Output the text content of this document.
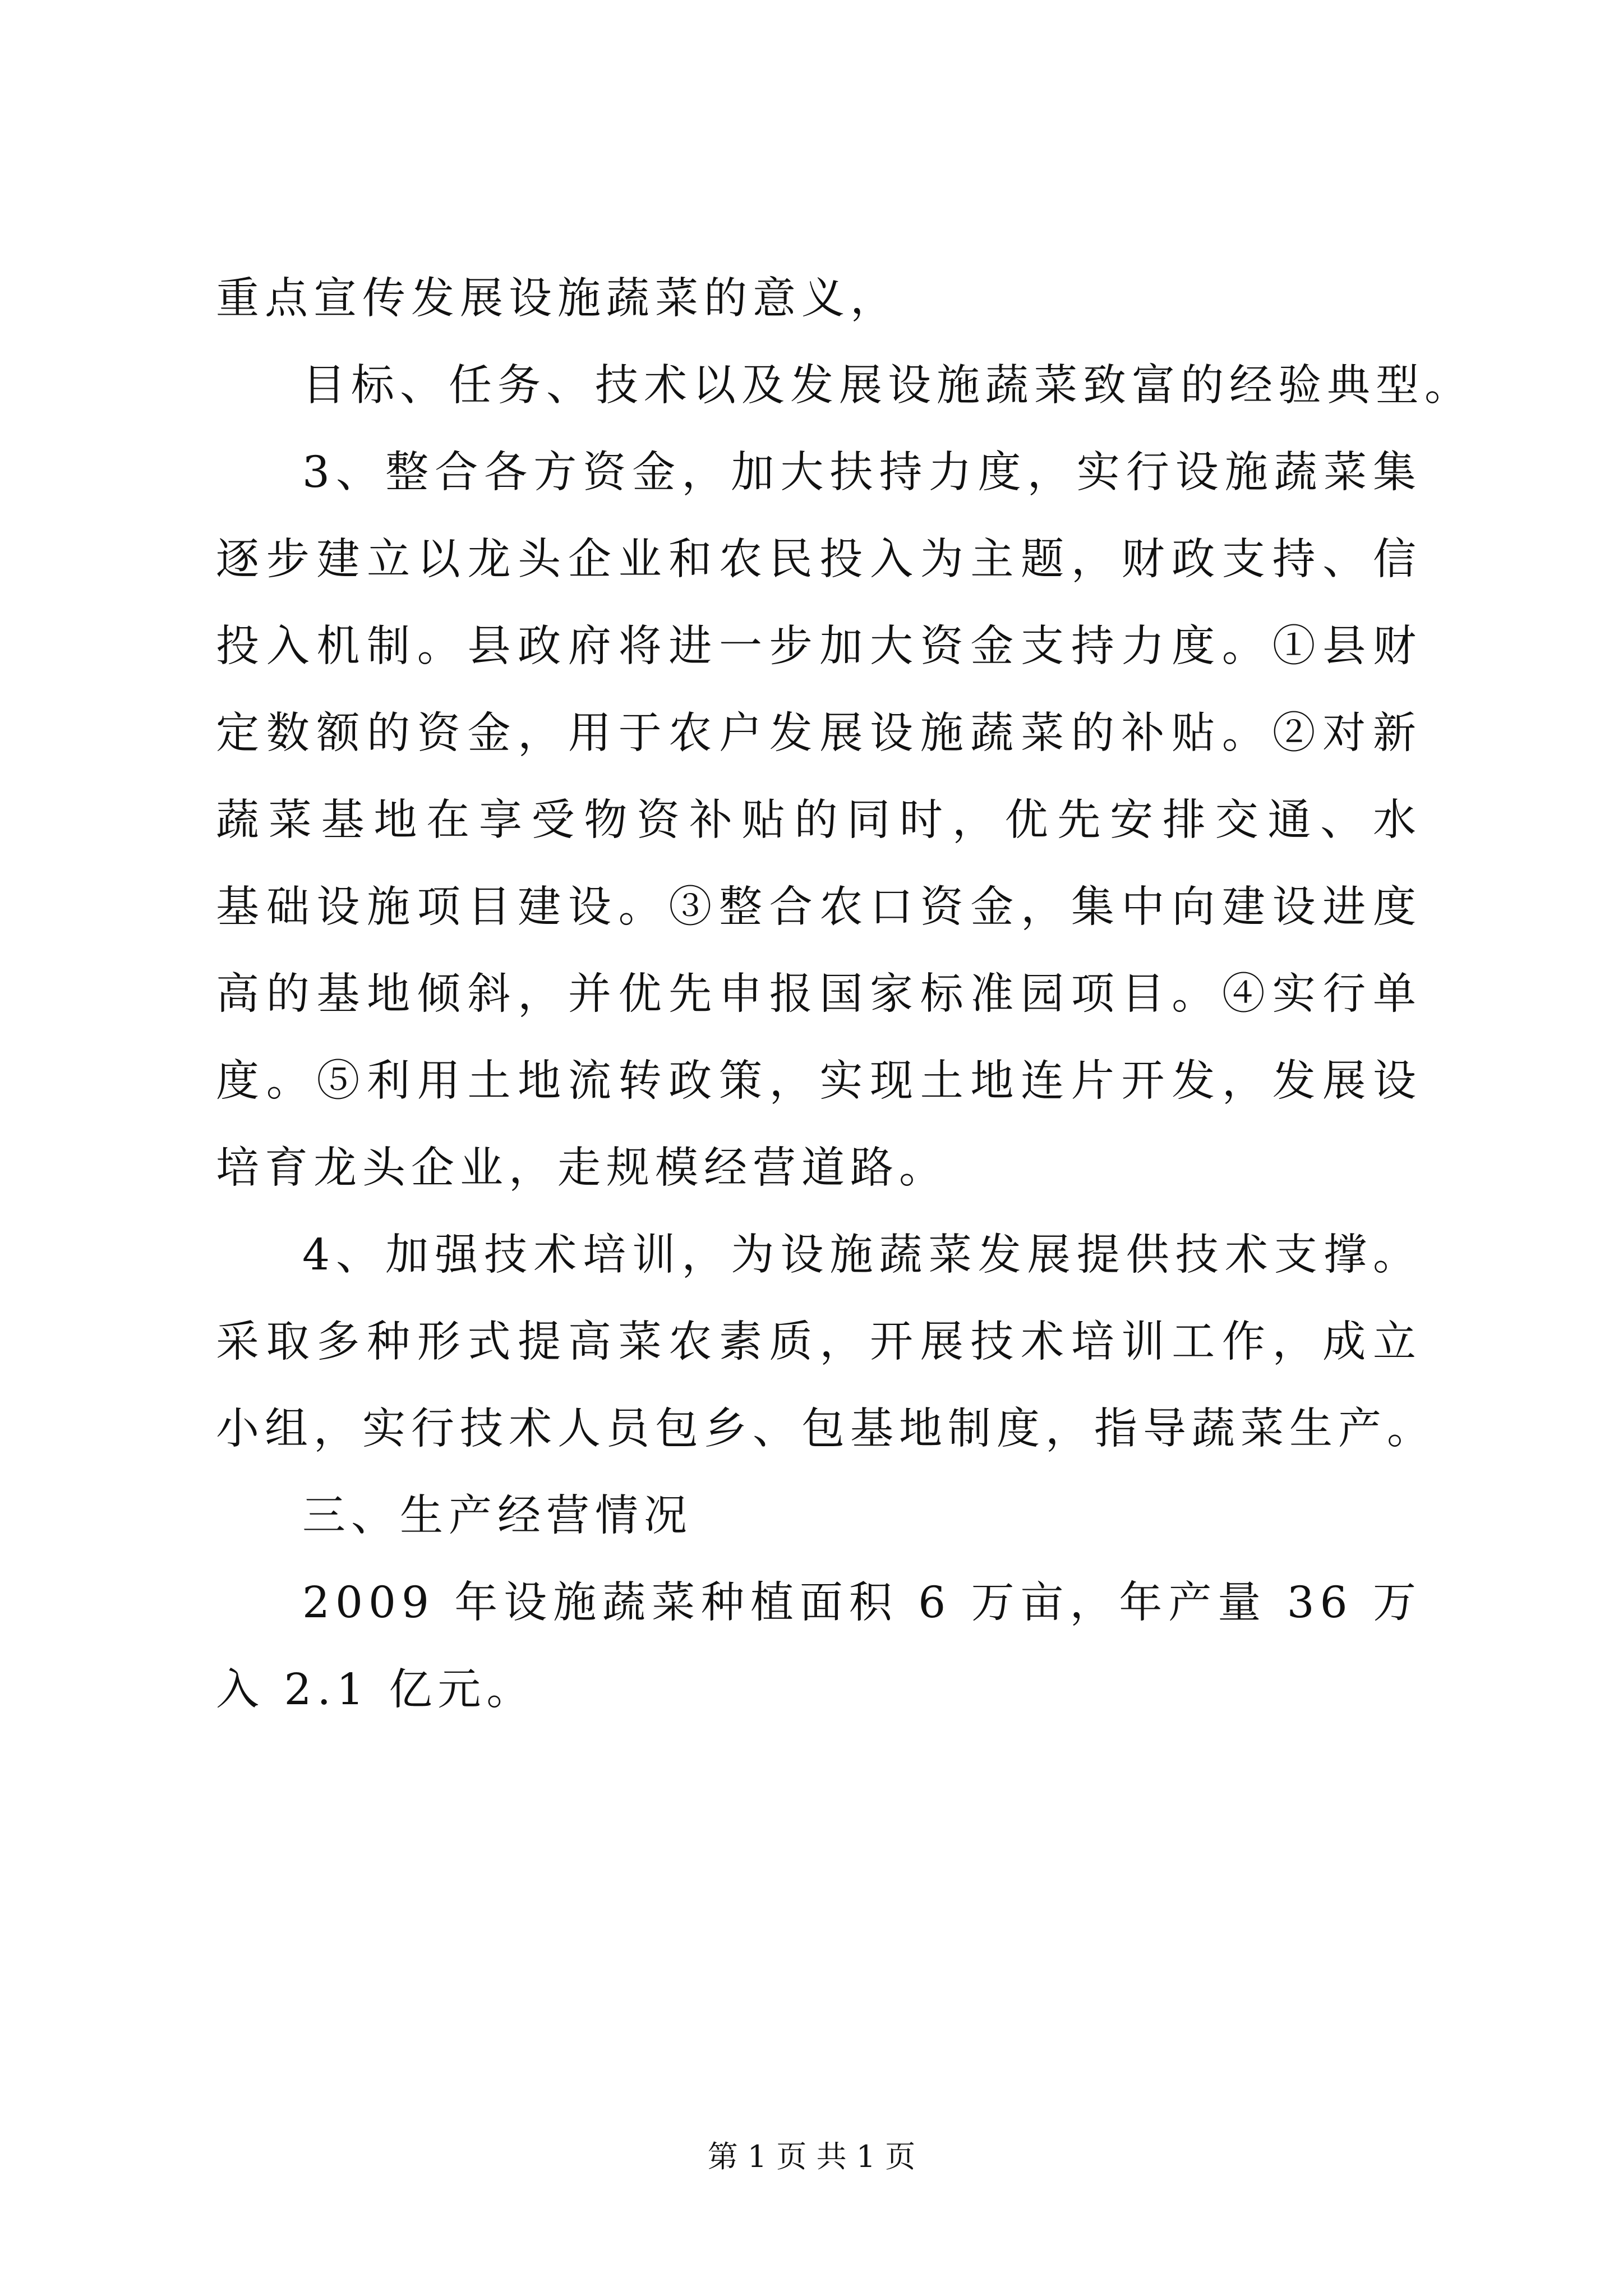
重点宣传发展设施蔬菜的意义，
目标、任务、技术以及发展设施蔬菜致富的经验典型。
3、整合各方资金，加大扶持力度，实行设施蔬菜集
逐步建立以龙头企业和农民投入为主题，财政支持、信
投入机制。县政府将进一步加大资金支持力度。①县财
定数额的资金，用于农户发展设施蔬菜的补贴。②对新
蔬菜基地在享受物资补贴的同时，优先安排交通、水
基础设施项目建设。③整合农口资金，集中向建设进度
高的基地倾斜，并优先申报国家标准园项目。④实行单
度。⑤利用土地流转政策，实现土地连片开发，发展设
培育龙头企业，走规模经营道路。
4、加强技术培训，为设施蔬菜发展提供技术支撑。
采取多种形式提高菜农素质，开展技术培训工作，成立
小组，实行技术人员包乡、包基地制度，指导蔬菜生产。
三、生产经营情况
2009 年设施蔬菜种植面积 6 万亩，年产量 36 万
入 2.1 亿元。
第 1 页 共 1 页
